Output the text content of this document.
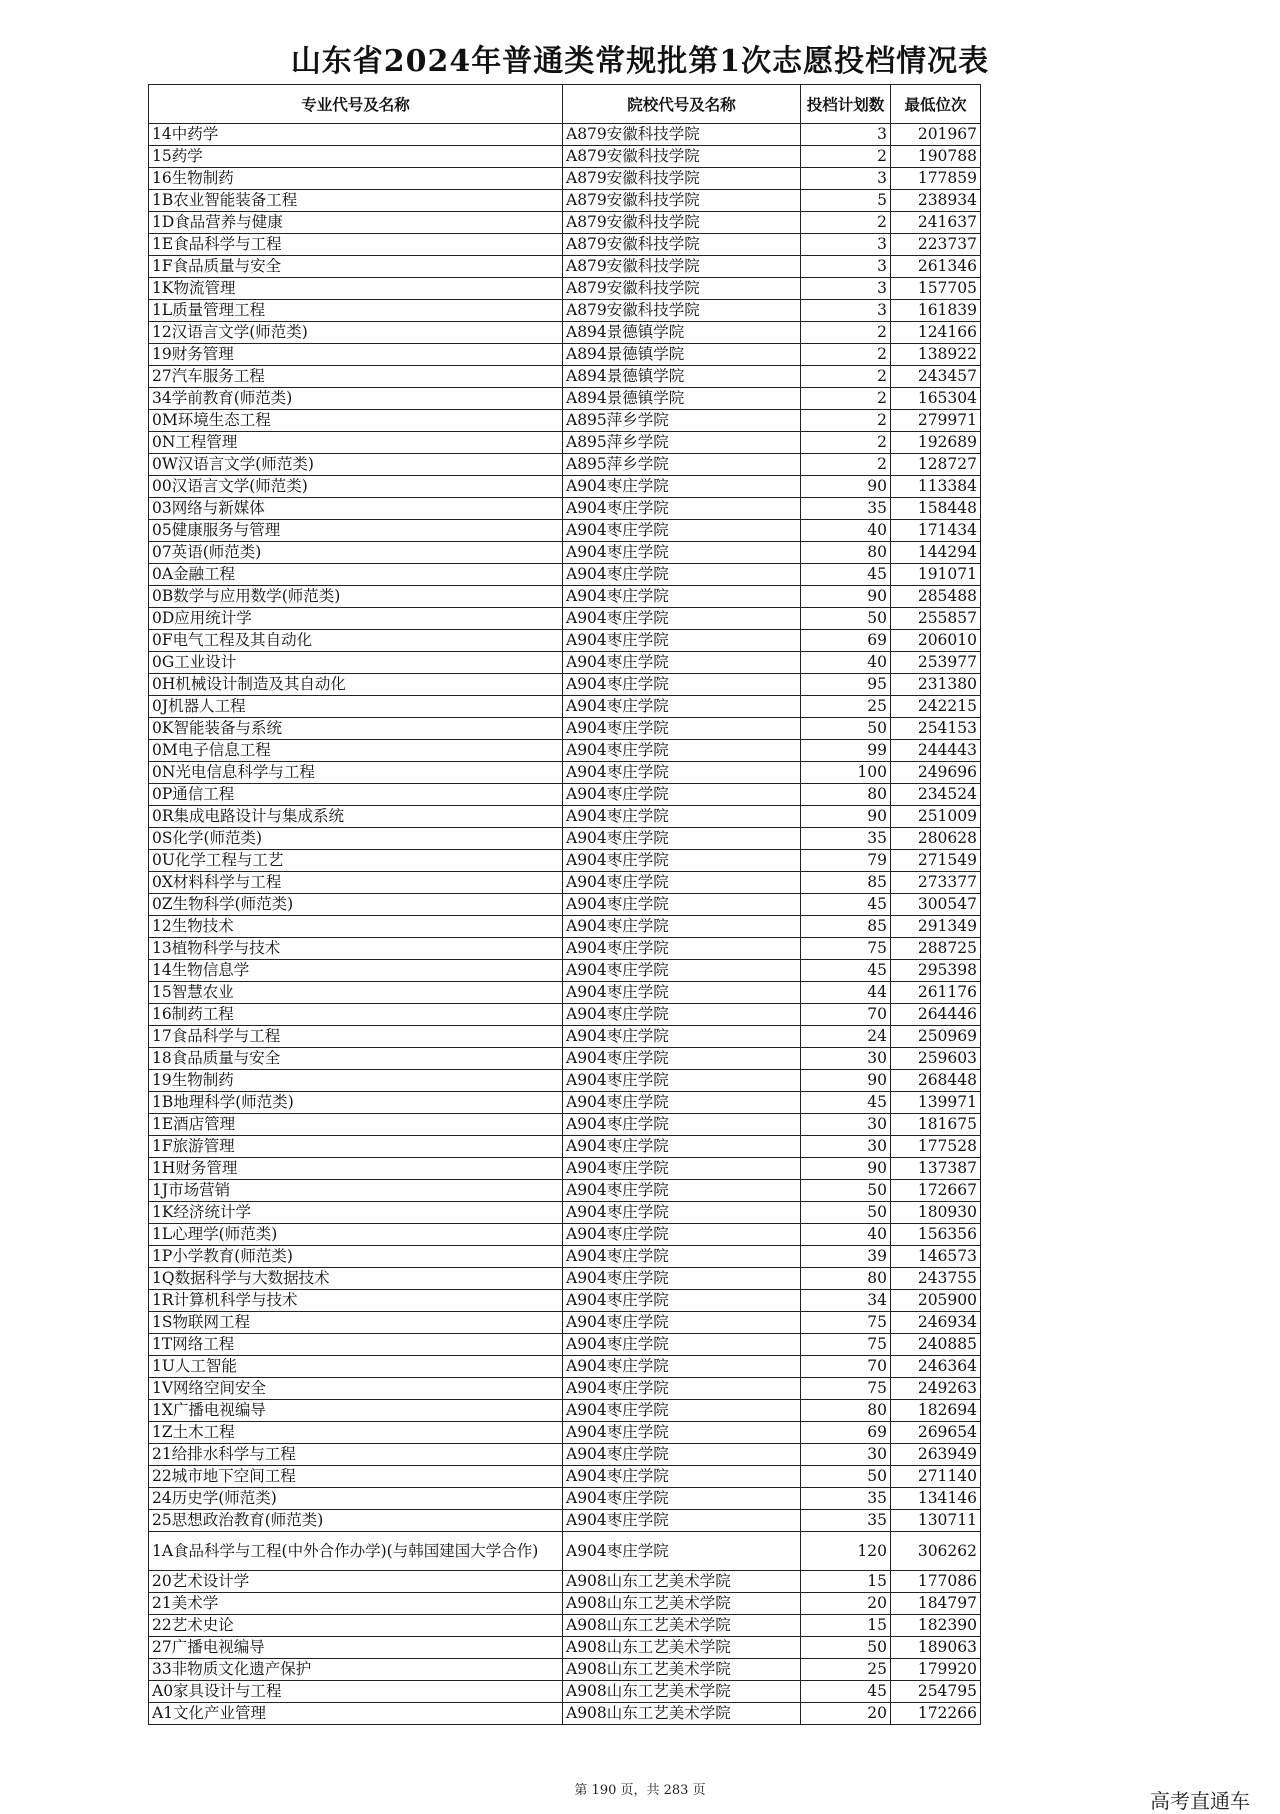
山东省2024年普通类常规批第1次志愿投档情况表
专业代号及名称	院校代号及名称	投档计划数	最低位次
14中药学	A879安徽科技学院	3	201967
15药学	A879安徽科技学院	2	190788
16生物制药	A879安徽科技学院	3	177859
1B农业智能装备工程	A879安徽科技学院	5	238934
1D食品营养与健康	A879安徽科技学院	2	241637
1E食品科学与工程	A879安徽科技学院	3	223737
1F食品质量与安全	A879安徽科技学院	3	261346
1K物流管理	A879安徽科技学院	3	157705
1L质量管理工程	A879安徽科技学院	3	161839
12汉语言文学(师范类)	A894景德镇学院	2	124166
19财务管理	A894景德镇学院	2	138922
27汽车服务工程	A894景德镇学院	2	243457
34学前教育(师范类)	A894景德镇学院	2	165304
0M环境生态工程	A895萍乡学院	2	279971
0N工程管理	A895萍乡学院	2	192689
0W汉语言文学(师范类)	A895萍乡学院	2	128727
00汉语言文学(师范类)	A904枣庄学院	90	113384
03网络与新媒体	A904枣庄学院	35	158448
05健康服务与管理	A904枣庄学院	40	171434
07英语(师范类)	A904枣庄学院	80	144294
0A金融工程	A904枣庄学院	45	191071
0B数学与应用数学(师范类)	A904枣庄学院	90	285488
0D应用统计学	A904枣庄学院	50	255857
0F电气工程及其自动化	A904枣庄学院	69	206010
0G工业设计	A904枣庄学院	40	253977
0H机械设计制造及其自动化	A904枣庄学院	95	231380
0J机器人工程	A904枣庄学院	25	242215
0K智能装备与系统	A904枣庄学院	50	254153
0M电子信息工程	A904枣庄学院	99	244443
0N光电信息科学与工程	A904枣庄学院	100	249696
0P通信工程	A904枣庄学院	80	234524
0R集成电路设计与集成系统	A904枣庄学院	90	251009
0S化学(师范类)	A904枣庄学院	35	280628
0U化学工程与工艺	A904枣庄学院	79	271549
0X材料科学与工程	A904枣庄学院	85	273377
0Z生物科学(师范类)	A904枣庄学院	45	300547
12生物技术	A904枣庄学院	85	291349
13植物科学与技术	A904枣庄学院	75	288725
14生物信息学	A904枣庄学院	45	295398
15智慧农业	A904枣庄学院	44	261176
16制药工程	A904枣庄学院	70	264446
17食品科学与工程	A904枣庄学院	24	250969
18食品质量与安全	A904枣庄学院	30	259603
19生物制药	A904枣庄学院	90	268448
1B地理科学(师范类)	A904枣庄学院	45	139971
1E酒店管理	A904枣庄学院	30	181675
1F旅游管理	A904枣庄学院	30	177528
1H财务管理	A904枣庄学院	90	137387
1J市场营销	A904枣庄学院	50	172667
1K经济统计学	A904枣庄学院	50	180930
1L心理学(师范类)	A904枣庄学院	40	156356
1P小学教育(师范类)	A904枣庄学院	39	146573
1Q数据科学与大数据技术	A904枣庄学院	80	243755
1R计算机科学与技术	A904枣庄学院	34	205900
1S物联网工程	A904枣庄学院	75	246934
1T网络工程	A904枣庄学院	75	240885
1U人工智能	A904枣庄学院	70	246364
1V网络空间安全	A904枣庄学院	75	249263
1X广播电视编导	A904枣庄学院	80	182694
1Z土木工程	A904枣庄学院	69	269654
21给排水科学与工程	A904枣庄学院	30	263949
22城市地下空间工程	A904枣庄学院	50	271140
24历史学(师范类)	A904枣庄学院	35	134146
25思想政治教育(师范类)	A904枣庄学院	35	130711
1A食品科学与工程(中外合作办学)(与韩国建国大学合作)	A904枣庄学院	120	306262
20艺术设计学	A908山东工艺美术学院	15	177086
21美术学	A908山东工艺美术学院	20	184797
22艺术史论	A908山东工艺美术学院	15	182390
27广播电视编导	A908山东工艺美术学院	50	189063
33非物质文化遗产保护	A908山东工艺美术学院	25	179920
A0家具设计与工程	A908山东工艺美术学院	45	254795
A1文化产业管理	A908山东工艺美术学院	20	172266
第 190 页，共 283 页	高考直通车
